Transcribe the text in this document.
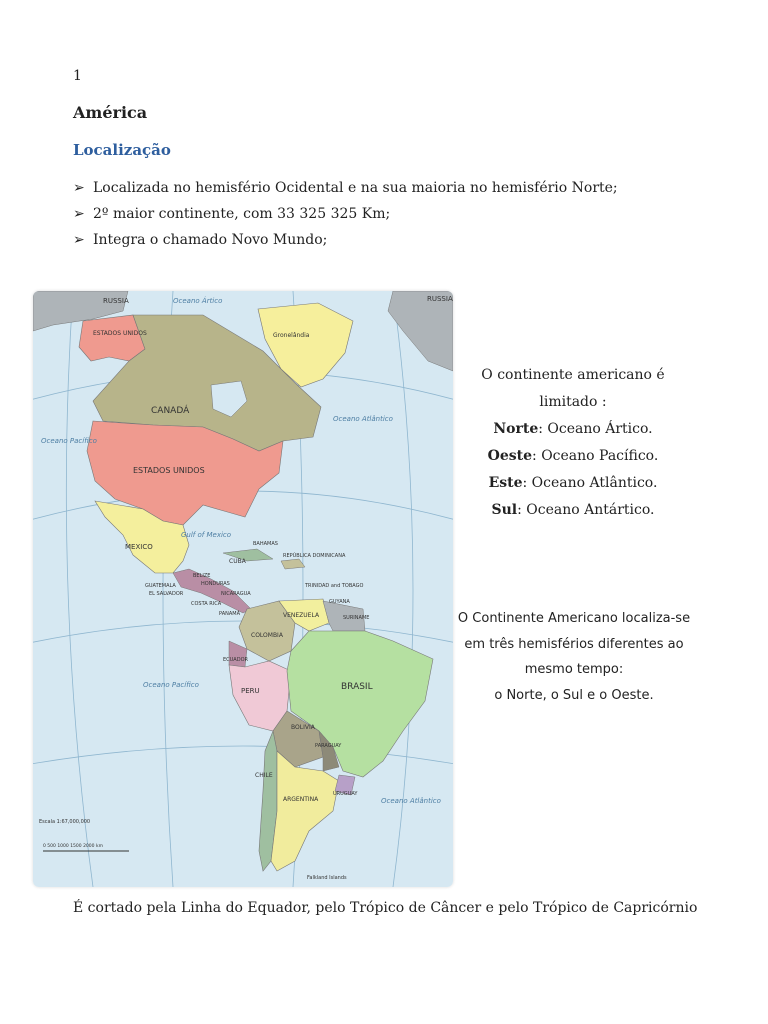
1
América
Localização
➢ Localizada no hemisfério Ocidental e na sua maioria no hemisfério Norte;
➢ 2º maior continente, com 33 325 325 Km;
➢ Integra o chamado Novo Mundo;
RUSSIA	RUSSIA
Oceano Ártico
ESTADOS UNIDOS	Gronelândia
CANADÁ
ESTADOS UNIDOS
Oceano Pacífico
Oceano Atlântico
Gulf of Mexico
MEXICO	BAHAMAS
CUBA
REPÚBLICA DOMINICANA
BELIZE
HONDURAS
GUATEMALA
EL SALVADOR	NICARAGUA
COSTA RICA
PANAMÁ	VENEZUELA
TRINIDAD and TOBAGO
GUYANA
SURINAME
COLOMBIA
ECUADOR
PERU	BRASIL
BOLIVIA
PARAGUAY
CHILE
ARGENTINA
URUGUAY
Oceano Pacífico
Oceano Atlântico
Falkland Islands
Escala 1:67,000,000
0 500 1000 1500 2000 km
O continente americano é
limitado :
Norte: Oceano Ártico.
Oeste: Oceano Pacífico.
Este: Oceano Atlântico.
Sul: Oceano Antártico.
O Continente Americano localiza-se
em três hemisférios diferentes ao
mesmo tempo:
o Norte, o Sul e o Oeste.
É cortado pela Linha do Equador, pelo Trópico de Câncer e pelo Trópico de Capricórnio
